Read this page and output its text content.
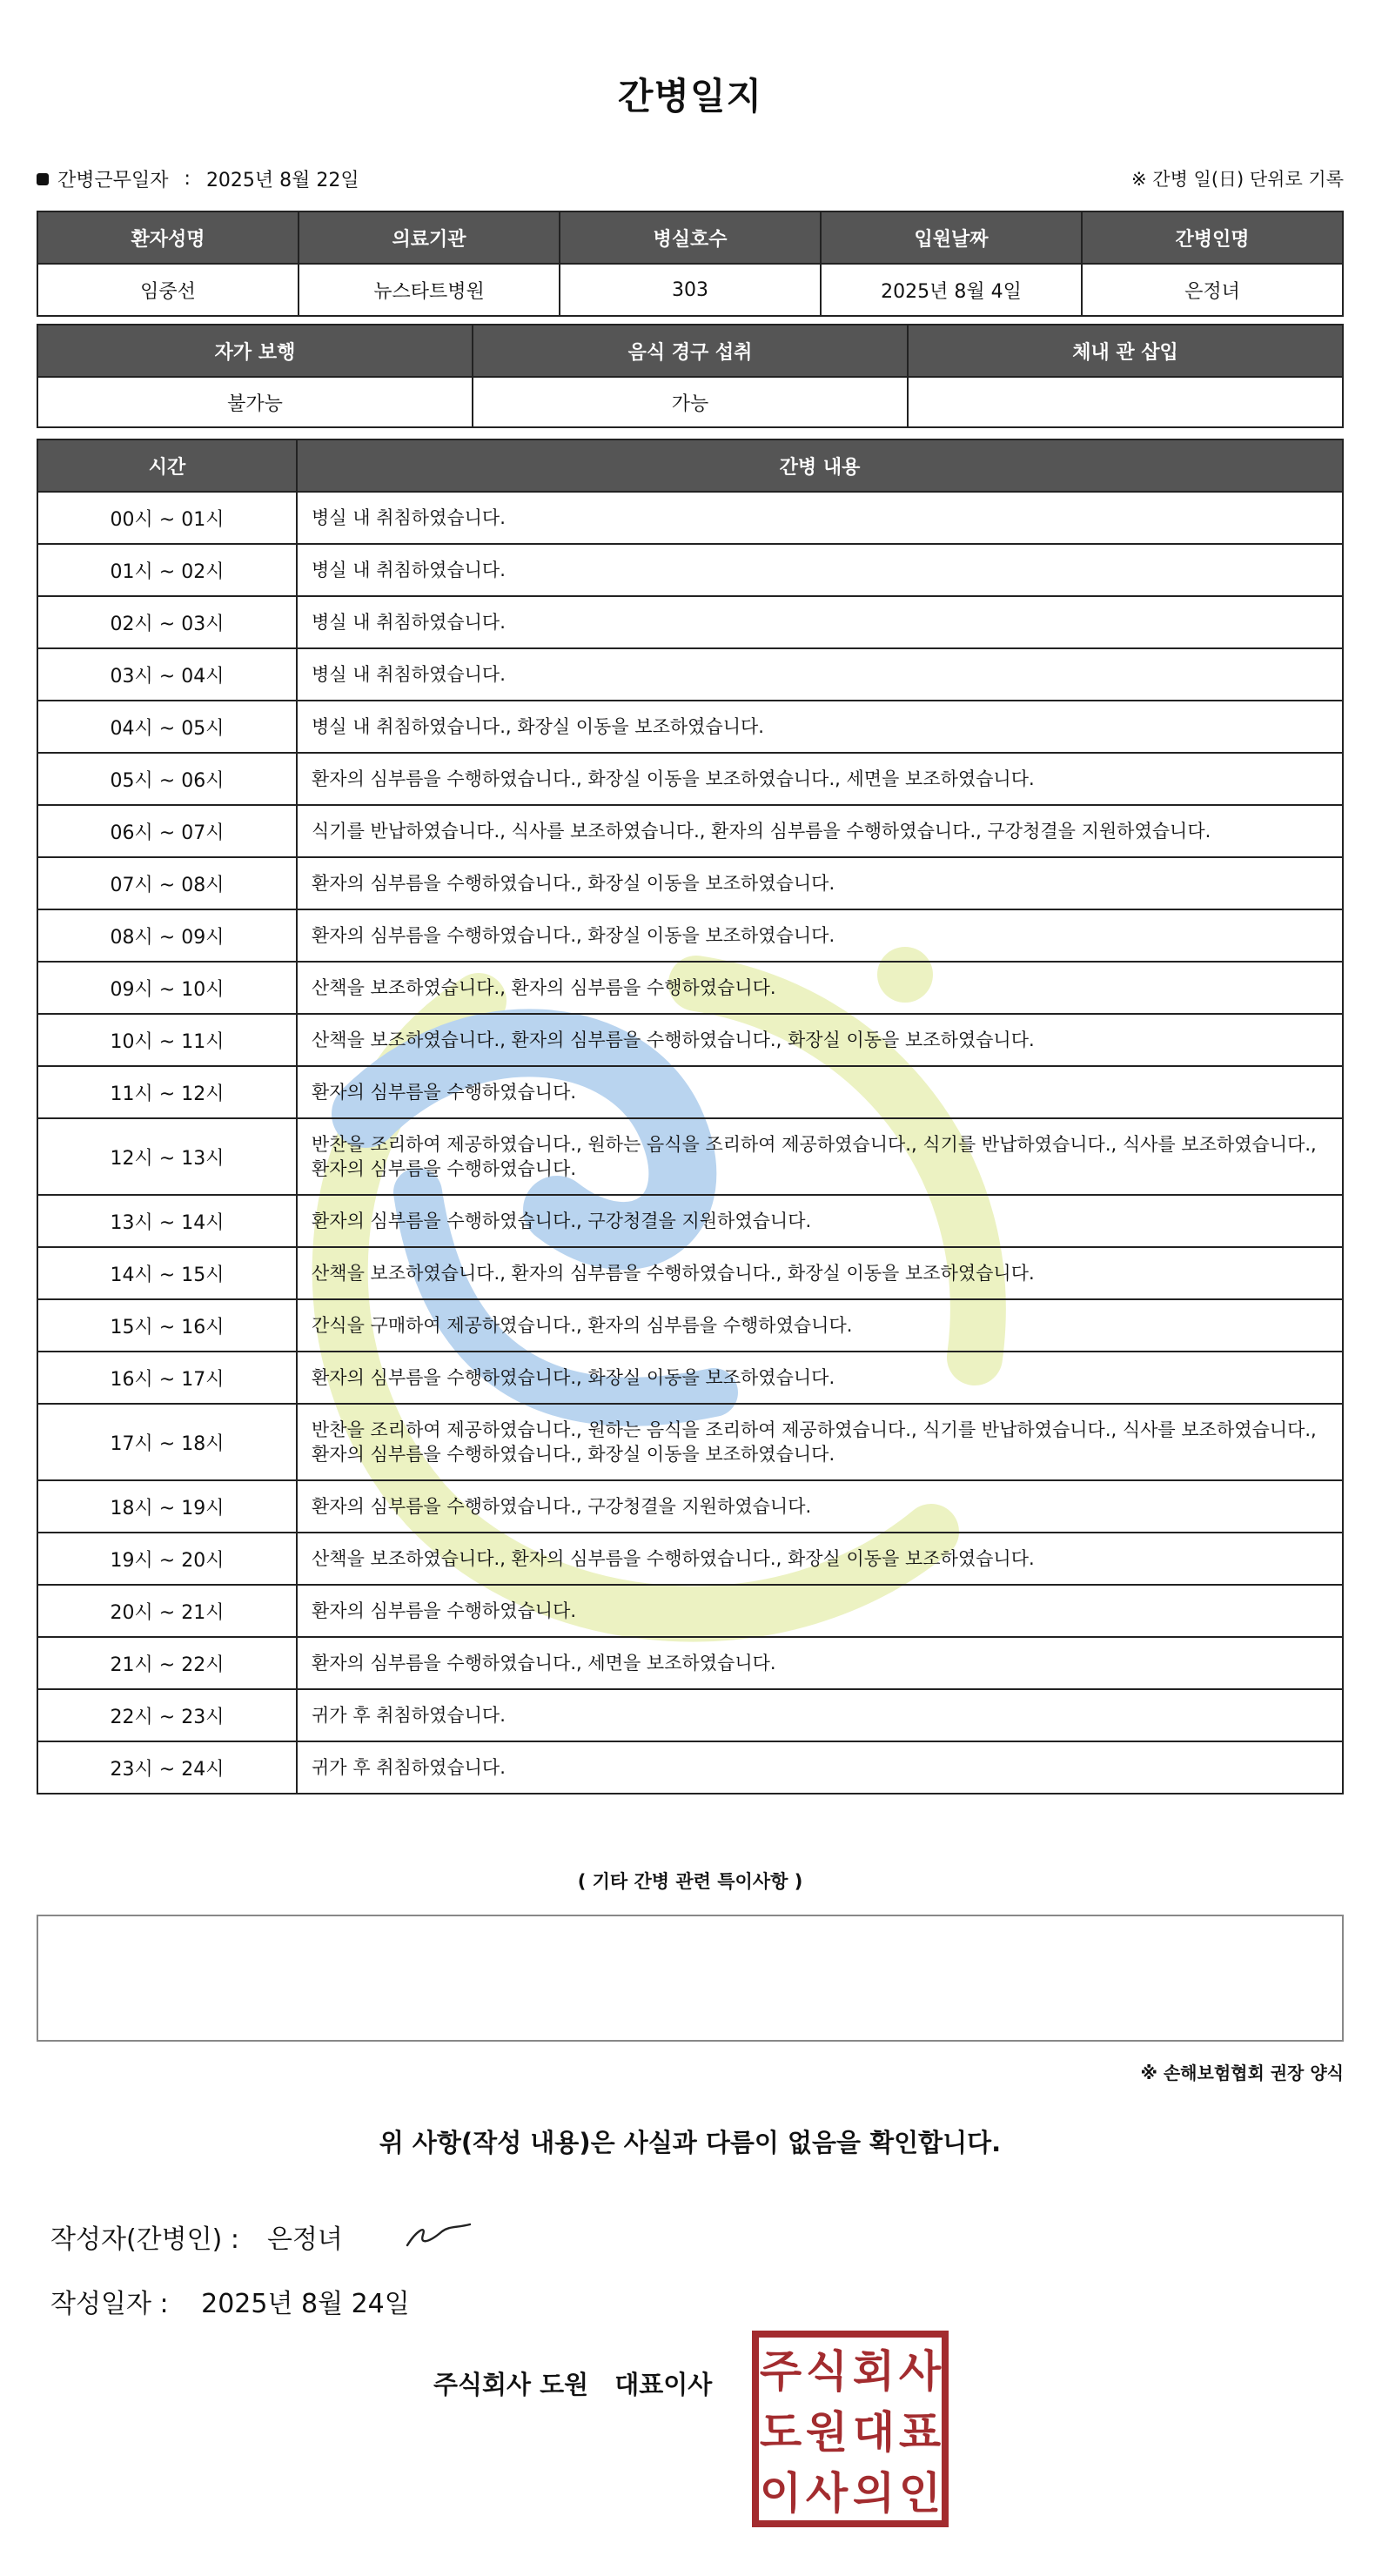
간병일지
간병근무일자 : 2025년 8월 22일	※ 간병 일(日) 단위로 기록
환자성명	의료기관	병실호수	입원날짜	간병인명
임중선	뉴스타트병원	303	2025년 8월 4일	은정녀
자가 보행	음식 경구 섭취	체내 관 삽입
불가능	가능	
시간	간병 내용
00시 ~ 01시	병실 내 취침하였습니다.
01시 ~ 02시	병실 내 취침하였습니다.
02시 ~ 03시	병실 내 취침하였습니다.
03시 ~ 04시	병실 내 취침하였습니다.
04시 ~ 05시	병실 내 취침하였습니다., 화장실 이동을 보조하였습니다.
05시 ~ 06시	환자의 심부름을 수행하였습니다., 화장실 이동을 보조하였습니다., 세면을 보조하였습니다.
06시 ~ 07시	식기를 반납하였습니다., 식사를 보조하였습니다., 환자의 심부름을 수행하였습니다., 구강청결을 지원하였습니다.
07시 ~ 08시	환자의 심부름을 수행하였습니다., 화장실 이동을 보조하였습니다.
08시 ~ 09시	환자의 심부름을 수행하였습니다., 화장실 이동을 보조하였습니다.
09시 ~ 10시	산책을 보조하였습니다., 환자의 심부름을 수행하였습니다.
10시 ~ 11시	산책을 보조하였습니다., 환자의 심부름을 수행하였습니다., 화장실 이동을 보조하였습니다.
11시 ~ 12시	환자의 심부름을 수행하였습니다.
12시 ~ 13시	반찬을 조리하여 제공하였습니다., 원하는 음식을 조리하여 제공하였습니다., 식기를 반납하였습니다., 식사를 보조하였습니다., 환자의 심부름을 수행하였습니다.
13시 ~ 14시	환자의 심부름을 수행하였습니다., 구강청결을 지원하였습니다.
14시 ~ 15시	산책을 보조하였습니다., 환자의 심부름을 수행하였습니다., 화장실 이동을 보조하였습니다.
15시 ~ 16시	간식을 구매하여 제공하였습니다., 환자의 심부름을 수행하였습니다.
16시 ~ 17시	환자의 심부름을 수행하였습니다., 화장실 이동을 보조하였습니다.
17시 ~ 18시	반찬을 조리하여 제공하였습니다., 원하는 음식을 조리하여 제공하였습니다., 식기를 반납하였습니다., 식사를 보조하였습니다., 환자의 심부름을 수행하였습니다., 화장실 이동을 보조하였습니다.
18시 ~ 19시	환자의 심부름을 수행하였습니다., 구강청결을 지원하였습니다.
19시 ~ 20시	산책을 보조하였습니다., 환자의 심부름을 수행하였습니다., 화장실 이동을 보조하였습니다.
20시 ~ 21시	환자의 심부름을 수행하였습니다.
21시 ~ 22시	환자의 심부름을 수행하였습니다., 세면을 보조하였습니다.
22시 ~ 23시	귀가 후 취침하였습니다.
23시 ~ 24시	귀가 후 취침하였습니다.
( 기타 간병 관련 특이사항 )
※ 손해보험협회 권장 양식
위 사항(작성 내용)은 사실과 다름이 없음을 확인합니다.
작성자(간병인) : 은정녀
작성일자 : 2025년 8월 24일
주식회사 도원 대표이사 주 식 회 사
도 원 대 표
이 사 의 인
